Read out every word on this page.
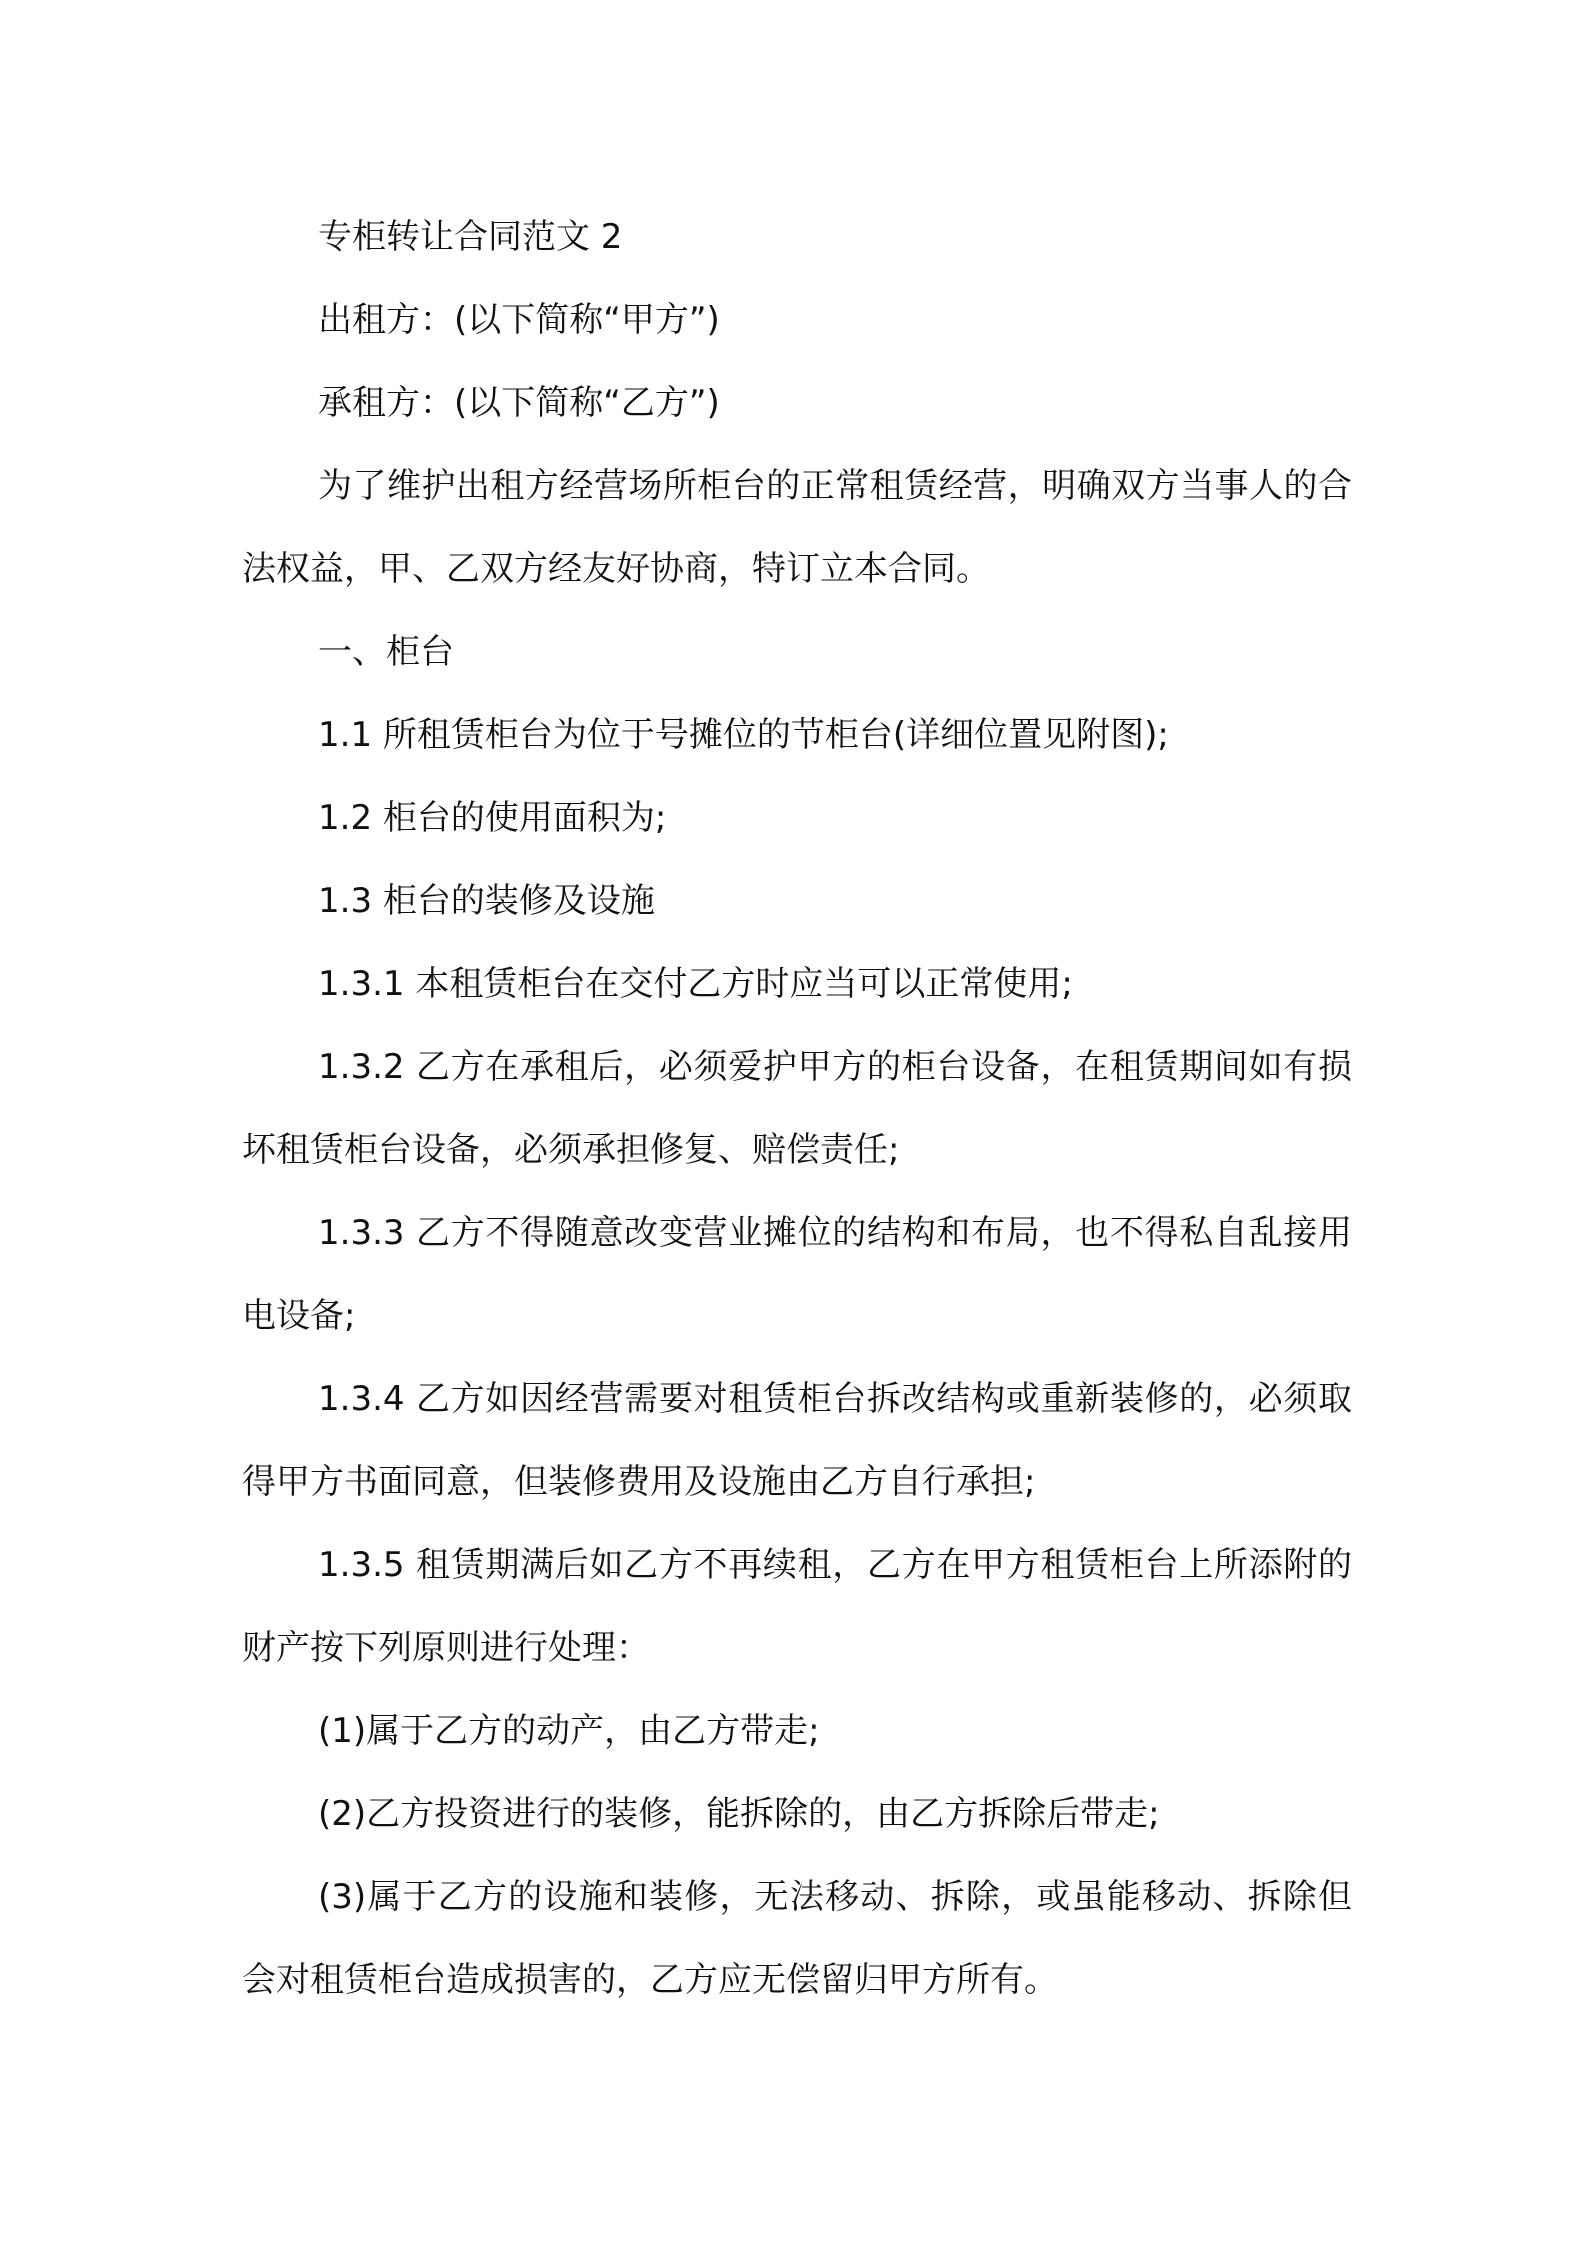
专柜转让合同范文 2

出租方：(以下简称“甲方”)

承租方：(以下简称“乙方”)

为了维护出租方经营场所柜台的正常租赁经营，明确双方当事人的合法权益，甲、乙双方经友好协商，特订立本合同。

一、柜台

1.1 所租赁柜台为位于号摊位的节柜台(详细位置见附图);

1.2 柜台的使用面积为;

1.3 柜台的装修及设施

1.3.1 本租赁柜台在交付乙方时应当可以正常使用;

1.3.2 乙方在承租后，必须爱护甲方的柜台设备，在租赁期间如有损坏租赁柜台设备，必须承担修复、赔偿责任;

1.3.3 乙方不得随意改变营业摊位的结构和布局，也不得私自乱接用电设备;

1.3.4 乙方如因经营需要对租赁柜台拆改结构或重新装修的，必须取得甲方书面同意，但装修费用及设施由乙方自行承担;

1.3.5 租赁期满后如乙方不再续租，乙方在甲方租赁柜台上所添附的财产按下列原则进行处理：

(1)属于乙方的动产，由乙方带走;

(2)乙方投资进行的装修，能拆除的，由乙方拆除后带走;

(3)属于乙方的设施和装修，无法移动、拆除，或虽能移动、拆除但会对租赁柜台造成损害的，乙方应无偿留归甲方所有。
